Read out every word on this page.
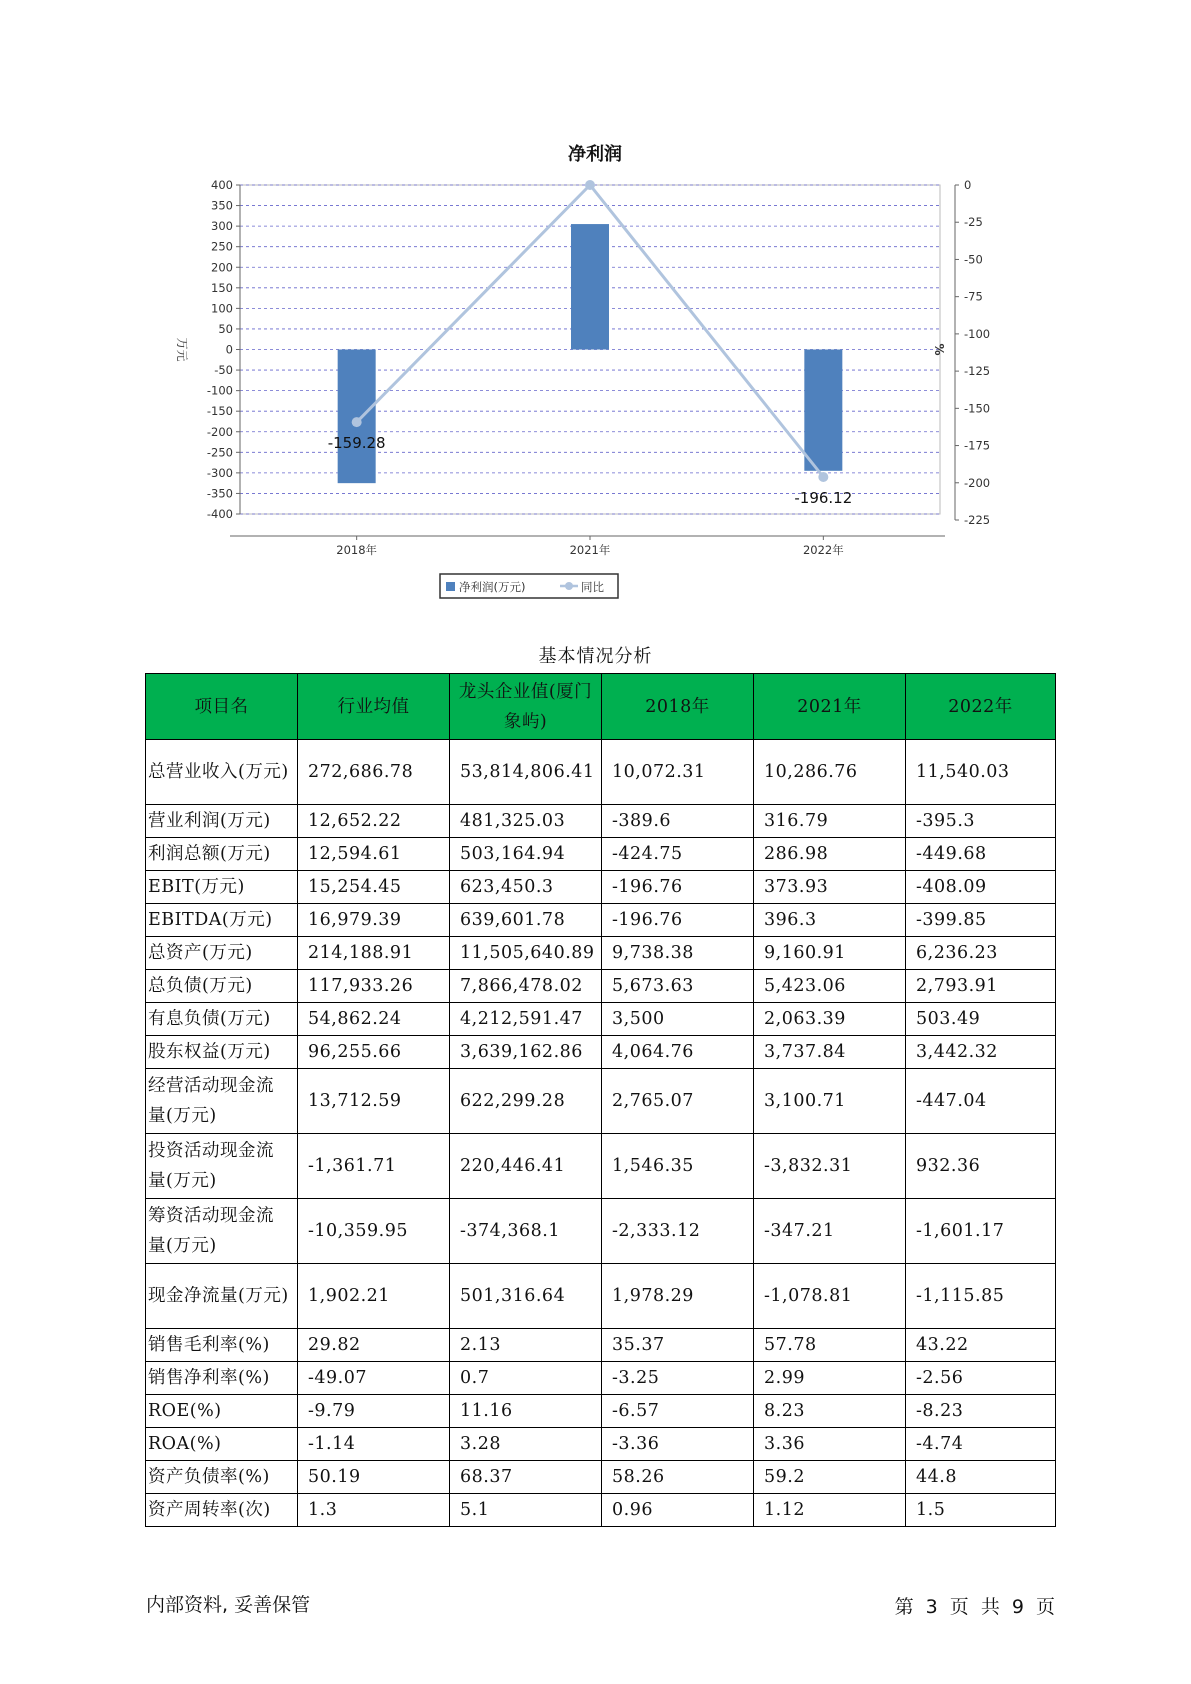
净利润
400
350
300
250
200
150
100
50
0
-50
-100
-150
-200
-250
-300
-350
-400
0
-25
-50
-75
-100
-125
-150
-175
-200
-225
万元	%
2018年	2021年	2022年
-159.28
-196.12
净利润(万元)	同比
基本情况分析
项目名	行业均值	龙头企业值(厦门象屿)	2018年	2021年	2022年
总营业收入(万元)	272,686.78	53,814,806.41	10,072.31	10,286.76	11,540.03
营业利润(万元)	12,652.22	481,325.03	-389.6	316.79	-395.3
利润总额(万元)	12,594.61	503,164.94	-424.75	286.98	-449.68
EBIT(万元)	15,254.45	623,450.3	-196.76	373.93	-408.09
EBITDA(万元)	16,979.39	639,601.78	-196.76	396.3	-399.85
总资产(万元)	214,188.91	11,505,640.89	9,738.38	9,160.91	6,236.23
总负债(万元)	117,933.26	7,866,478.02	5,673.63	5,423.06	2,793.91
有息负债(万元)	54,862.24	4,212,591.47	3,500	2,063.39	503.49
股东权益(万元)	96,255.66	3,639,162.86	4,064.76	3,737.84	3,442.32
经营活动现金流量(万元)	13,712.59	622,299.28	2,765.07	3,100.71	-447.04
投资活动现金流量(万元)	-1,361.71	220,446.41	1,546.35	-3,832.31	932.36
筹资活动现金流量(万元)	-10,359.95	-374,368.1	-2,333.12	-347.21	-1,601.17
现金净流量(万元)	1,902.21	501,316.64	1,978.29	-1,078.81	-1,115.85
销售毛利率(%)	29.82	2.13	35.37	57.78	43.22
销售净利率(%)	-49.07	0.7	-3.25	2.99	-2.56
ROE(%)	-9.79	11.16	-6.57	8.23	-8.23
ROA(%)	-1.14	3.28	-3.36	3.36	-4.74
资产负债率(%)	50.19	68.37	58.26	59.2	44.8
资产周转率(次)	1.3	5.1	0.96	1.12	1.5
内部资料, 妥善保管	第 3 页 共 9 页
